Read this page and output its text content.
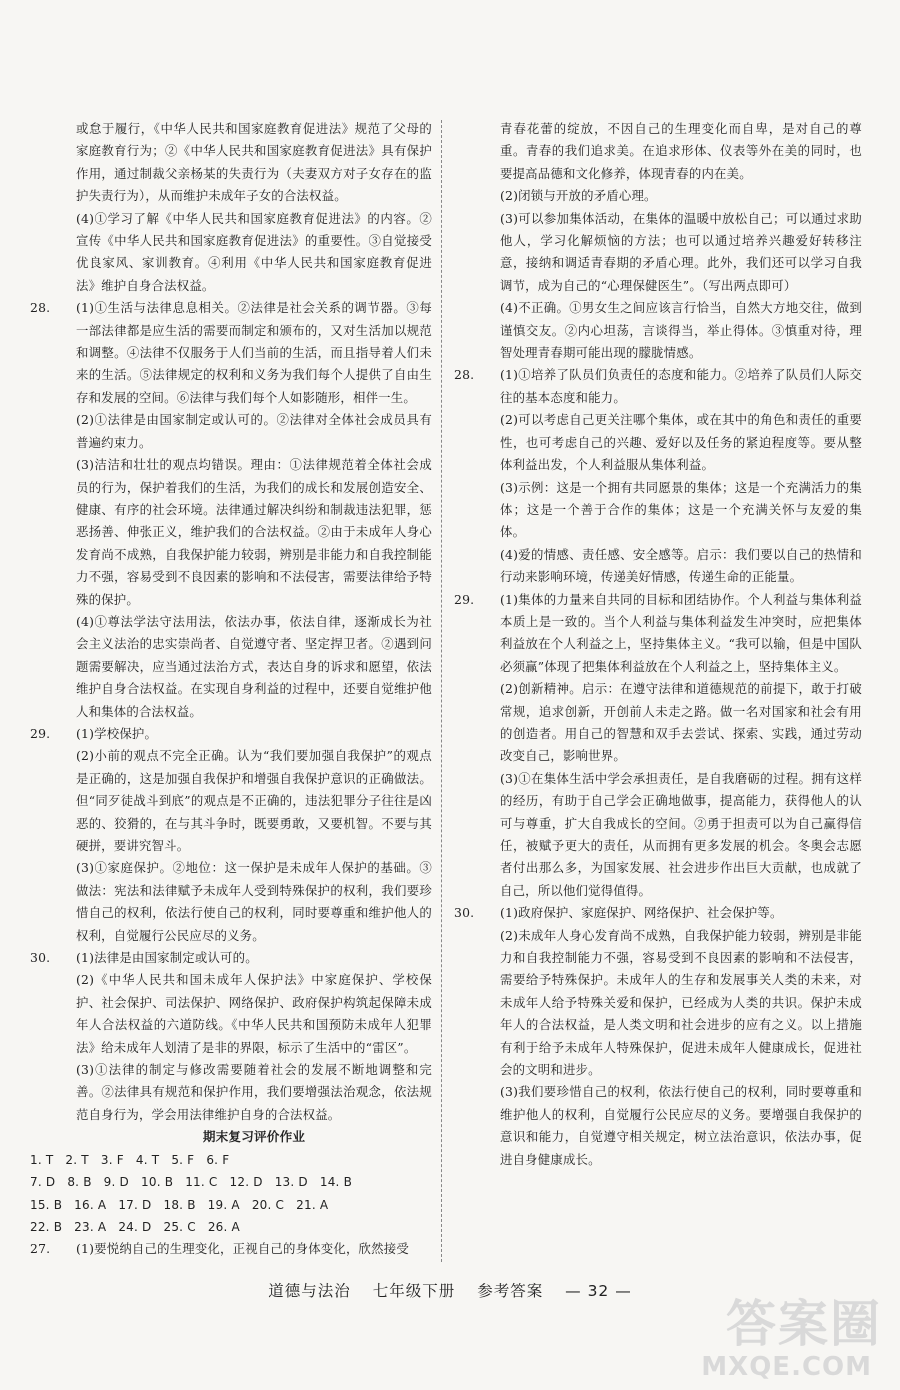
或怠于履行，《中华人民共和国家庭教育促进法》规范了父母的家庭教育行为；②《中华人民共和国家庭教育促进法》具有保护作用，通过制裁父亲杨某的失责行为（夫妻双方对子女存在的监护失责行为），从而维护未成年子女的合法权益。

(4)①学习了解《中华人民共和国家庭教育促进法》的内容。②宣传《中华人民共和国家庭教育促进法》的重要性。③自觉接受优良家风、家训教育。④利用《中华人民共和国家庭教育促进法》维护自身合法权益。

28.	(1)①生活与法律息息相关。②法律是社会关系的调节器。③每一部法律都是应生活的需要而制定和颁布的，又对生活加以规范和调整。④法律不仅服务于人们当前的生活，而且指导着人们未来的生活。⑤法律规定的权利和义务为我们每个人提供了自由生存和发展的空间。⑥法律与我们每个人如影随形，相伴一生。

(2)①法律是由国家制定或认可的。②法律对全体社会成员具有普遍约束力。

(3)洁洁和壮壮的观点均错误。理由：①法律规范着全体社会成员的行为，保护着我们的生活，为我们的成长和发展创造安全、健康、有序的社会环境。法律通过解决纠纷和制裁违法犯罪，惩恶扬善、伸张正义，维护我们的合法权益。②由于未成年人身心发育尚不成熟，自我保护能力较弱，辨别是非能力和自我控制能力不强，容易受到不良因素的影响和不法侵害，需要法律给予特殊的保护。

(4)①尊法学法守法用法，依法办事，依法自律，逐渐成长为社会主义法治的忠实崇尚者、自觉遵守者、坚定捍卫者。②遇到问题需要解决，应当通过法治方式，表达自身的诉求和愿望，依法维护自身合法权益。在实现自身利益的过程中，还要自觉维护他人和集体的合法权益。

29.	(1)学校保护。

(2)小前的观点不完全正确。认为“我们要加强自我保护”的观点是正确的，这是加强自我保护和增强自我保护意识的正确做法。但“同歹徒战斗到底”的观点是不正确的，违法犯罪分子往往是凶恶的、狡猾的，在与其斗争时，既要勇敢，又要机智。不要与其硬拼，要讲究智斗。

(3)①家庭保护。②地位：这一保护是未成年人保护的基础。③做法：宪法和法律赋予未成年人受到特殊保护的权利，我们要珍惜自己的权利，依法行使自己的权利，同时要尊重和维护他人的权利，自觉履行公民应尽的义务。

30.	(1)法律是由国家制定或认可的。

(2)《中华人民共和国未成年人保护法》中家庭保护、学校保护、社会保护、司法保护、网络保护、政府保护构筑起保障未成年人合法权益的六道防线。《中华人民共和国预防未成年人犯罪法》给未成年人划清了是非的界限，标示了生活中的“雷区”。

(3)①法律的制定与修改需要随着社会的发展不断地调整和完善。②法律具有规范和保护作用，我们要增强法治观念，依法规范自身行为，学会用法律维护自身的合法权益。

期末复习评价作业
1. T   2. T   3. F   4. T   5. F   6. F
7. D   8. B   9. D   10. B   11. C   12. D   13. D   14. B
15. B   16. A   17. D   18. B   19. A   20. C   21. A
22. B   23. A   24. D   25. C   26. A
27.	(1)要悦纳自己的生理变化，正视自己的身体变化，欣然接受

青春花蕾的绽放，不因自己的生理变化而自卑，是对自己的尊重。青春的我们追求美。在追求形体、仪表等外在美的同时，也要提高品德和文化修养，体现青春的内在美。

(2)闭锁与开放的矛盾心理。

(3)可以参加集体活动，在集体的温暖中放松自己；可以通过求助他人，学习化解烦恼的方法；也可以通过培养兴趣爱好转移注意，接纳和调适青春期的矛盾心理。此外，我们还可以学习自我调节，成为自己的“心理保健医生”。（写出两点即可）

(4)不正确。①男女生之间应该言行恰当，自然大方地交往，做到谨慎交友。②内心坦荡，言谈得当，举止得体。③慎重对待，理智处理青春期可能出现的朦胧情感。

28.	(1)①培养了队员们负责任的态度和能力。②培养了队员们人际交往的基本态度和能力。

(2)可以考虑自己更关注哪个集体，或在其中的角色和责任的重要性，也可考虑自己的兴趣、爱好以及任务的紧迫程度等。要从整体利益出发，个人利益服从集体利益。

(3)示例：这是一个拥有共同愿景的集体；这是一个充满活力的集体；这是一个善于合作的集体；这是一个充满关怀与友爱的集体。

(4)爱的情感、责任感、安全感等。启示：我们要以自己的热情和行动来影响环境，传递美好情感，传递生命的正能量。

29.	(1)集体的力量来自共同的目标和团结协作。个人利益与集体利益本质上是一致的。当个人利益与集体利益发生冲突时，应把集体利益放在个人利益之上，坚持集体主义。“我可以输，但是中国队必须赢”体现了把集体利益放在个人利益之上，坚持集体主义。

(2)创新精神。启示：在遵守法律和道德规范的前提下，敢于打破常规，追求创新，开创前人未走之路。做一名对国家和社会有用的创造者。用自己的智慧和双手去尝试、探索、实践，通过劳动改变自己，影响世界。

(3)①在集体生活中学会承担责任，是自我磨砺的过程。拥有这样的经历，有助于自己学会正确地做事，提高能力，获得他人的认可与尊重，扩大自我成长的空间。②勇于担责可以为自己赢得信任，被赋予更大的责任，从而拥有更多发展的机会。冬奥会志愿者付出那么多，为国家发展、社会进步作出巨大贡献，也成就了自己，所以他们觉得值得。

30.	(1)政府保护、家庭保护、网络保护、社会保护等。

(2)未成年人身心发育尚不成熟，自我保护能力较弱，辨别是非能力和自我控制能力不强，容易受到不良因素的影响和不法侵害，需要给予特殊保护。未成年人的生存和发展事关人类的未来，对未成年人给予特殊关爱和保护，已经成为人类的共识。保护未成年人的合法权益，是人类文明和社会进步的应有之义。以上措施有利于给予未成年人特殊保护，促进未成年人健康成长，促进社会的文明和进步。

(3)我们要珍惜自己的权利，依法行使自己的权利，同时要尊重和维护他人的权利，自觉履行公民应尽的义务。要增强自我保护的意识和能力，自觉遵守相关规定，树立法治意识，依法办事，促进自身健康成长。

道德与法治 七年级下册 参考答案 — 32 —
答案圈
MXQE.COM
